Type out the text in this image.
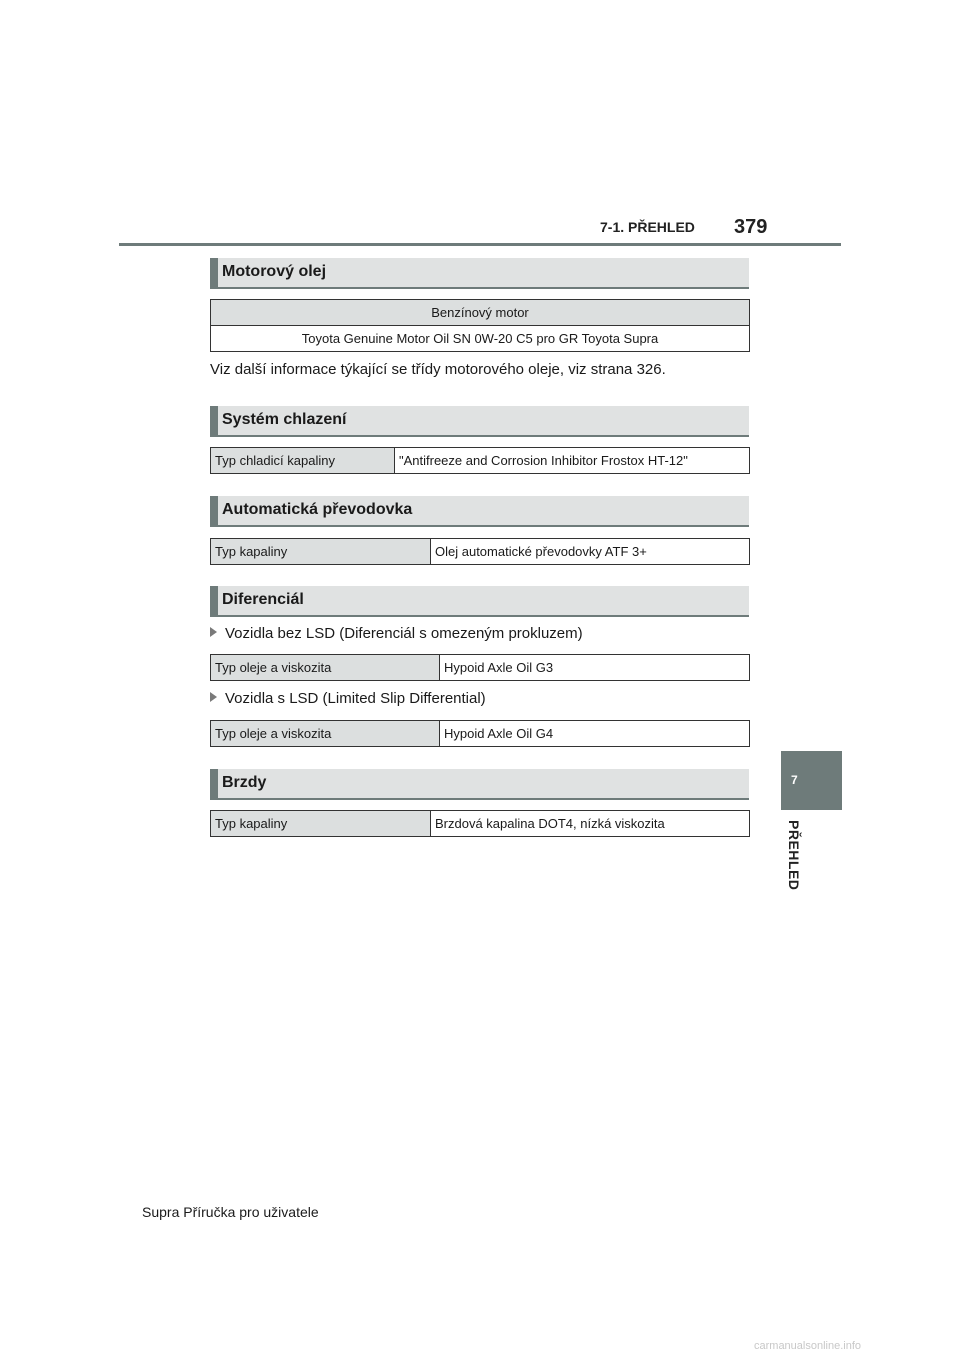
7-1. PŘEHLED 379
7
PŘEHLED
Motorový olej
Benzínový motor
Toyota Genuine Motor Oil SN 0W-20 C5 pro GR Toyota Supra
Viz další informace týkající se třídy motorového oleje, viz strana 326.
Systém chlazení
Typ chladicí kapaliny	"Antifreeze and Corrosion Inhibitor Frostox HT-12"
Automatická převodovka
Typ kapaliny	Olej automatické převodovky ATF 3+
Diferenciál
Vozidla bez LSD (Diferenciál s omezeným prokluzem)
Typ oleje a viskozita	Hypoid Axle Oil G3
Vozidla s LSD (Limited Slip Differential)
Typ oleje a viskozita	Hypoid Axle Oil G4
Brzdy
Typ kapaliny	Brzdová kapalina DOT4, nízká viskozita
Supra Příručka pro uživatele
carmanualsonline.info
